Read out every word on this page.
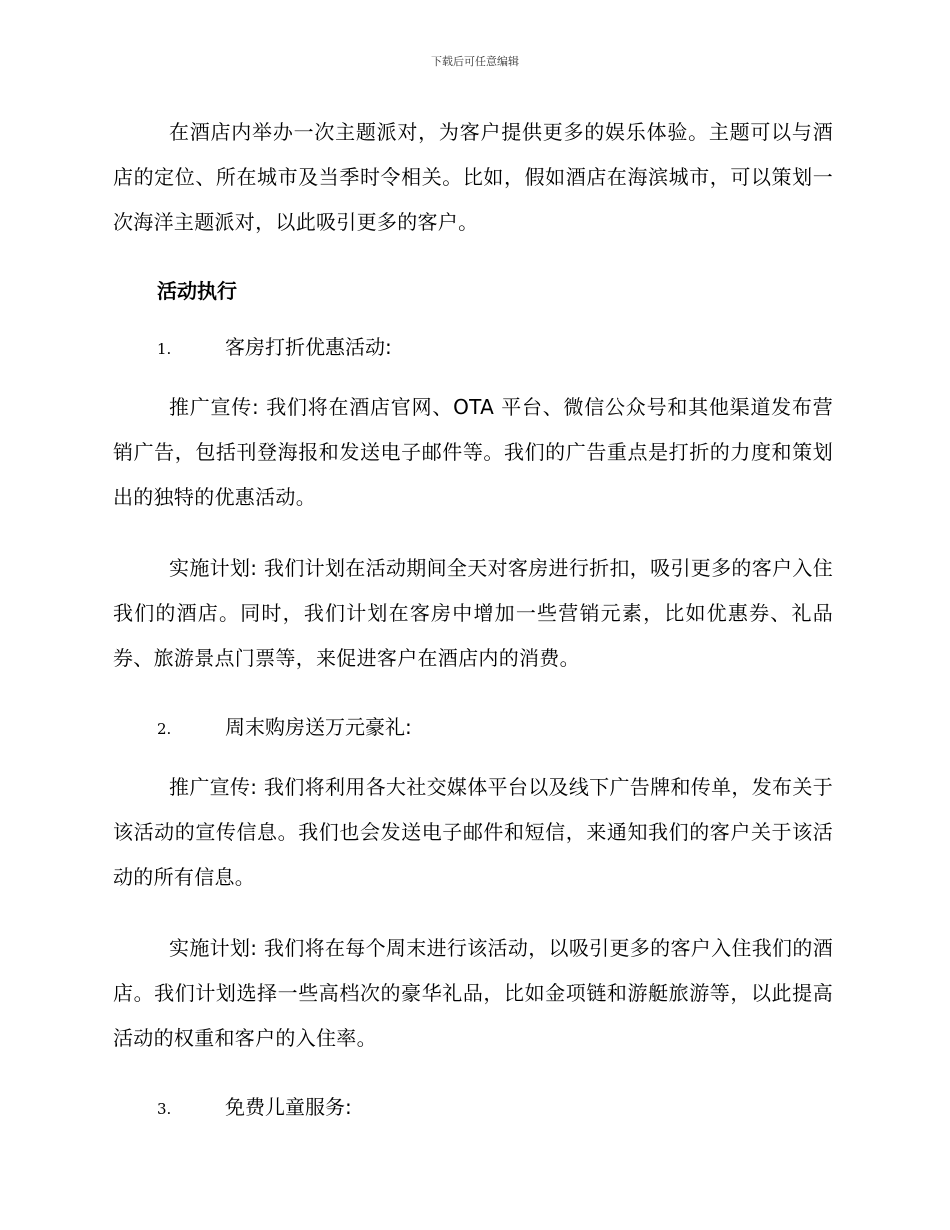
下载后可任意编辑

在酒店内举办一次主题派对，为客户提供更多的娱乐体验。主题可以与酒店的定位、所在城市及当季时令相关。比如，假如酒店在海滨城市，可以策划一次海洋主题派对，以此吸引更多的客户。

活动执行
1.	客房打折优惠活动:

推广宣传: 我们将在酒店官网、OTA 平台、微信公众号和其他渠道发布营销广告，包括刊登海报和发送电子邮件等。我们的广告重点是打折的力度和策划出的独特的优惠活动。

实施计划: 我们计划在活动期间全天对客房进行折扣，吸引更多的客户入住我们的酒店。同时，我们计划在客房中增加一些营销元素，比如优惠券、礼品券、旅游景点门票等，来促进客户在酒店内的消费。

2.	周末购房送万元豪礼:

推广宣传: 我们将利用各大社交媒体平台以及线下广告牌和传单，发布关于该活动的宣传信息。我们也会发送电子邮件和短信，来通知我们的客户关于该活动的所有信息。

实施计划: 我们将在每个周末进行该活动，以吸引更多的客户入住我们的酒店。我们计划选择一些高档次的豪华礼品，比如金项链和游艇旅游等，以此提高活动的权重和客户的入住率。

3.	免费儿童服务:
